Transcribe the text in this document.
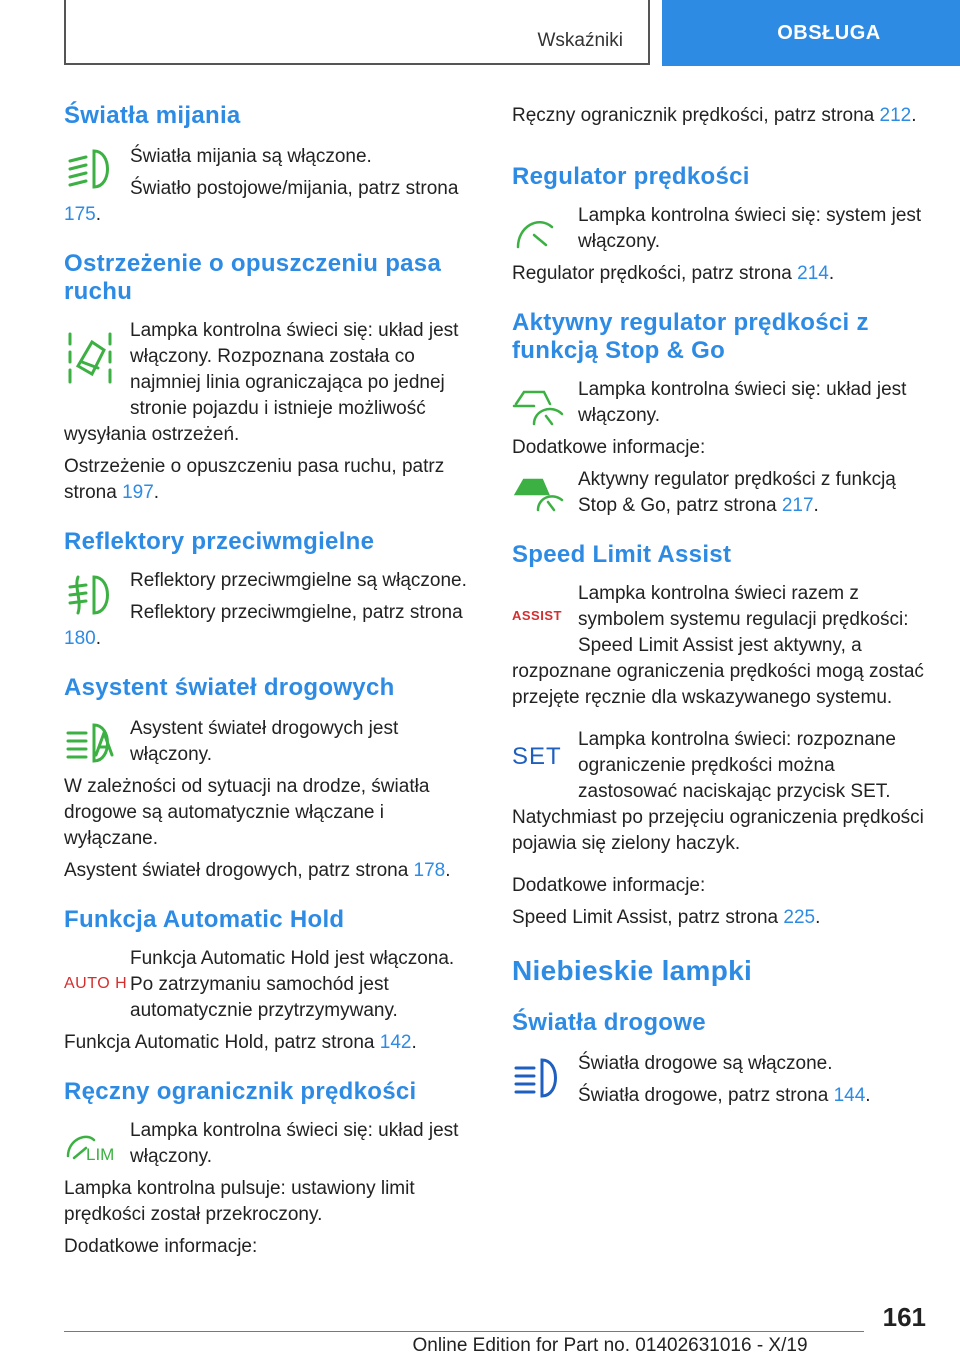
Wskaźniki	OBSŁUGA
Światła mijania

Światła mijania są włączone.

Światło postojowe/mijania, patrz strona 175.

Ostrzeżenie o opuszczeniu pasa ruchu

Lampka kontrolna świeci się: układ jest włączony. Rozpoznana została co najmniej linia ograniczająca po jednej stronie pojazdu i istnieje możliwość wysyłania ostrzeżeń.

Ostrzeżenie o opuszczeniu pasa ruchu, patrz strona 197.

Reflektory przeciwmgielne

Reflektory przeciwmgielne są włączone.

Reflektory przeciwmgielne, patrz strona 180.

Asystent świateł drogowych

Asystent świateł drogowych jest włączony.

W zależności od sytuacji na drodze, światła drogowe są automatycznie włączane i wyłączane.

Asystent świateł drogowych, patrz strona 178.

Funkcja Automatic Hold
AUTO H

Funkcja Automatic Hold jest włączona. Po zatrzymaniu samochód jest automatycznie przytrzymywany.

Funkcja Automatic Hold, patrz strona 142.

Ręczny ogranicznik prędkości
LIM

Lampka kontrolna świeci się: układ jest włączony.

Lampka kontrolna pulsuje: ustawiony limit prędkości został przekroczony.

Dodatkowe informacje:

Ręczny ogranicznik prędkości, patrz strona 212.

Regulator prędkości

Lampka kontrolna świeci się: system jest włączony.

Regulator prędkości, patrz strona 214.

Aktywny regulator prędkości z funkcją Stop & Go

Lampka kontrolna świeci się: układ jest włączony.

Dodatkowe informacje:

Aktywny regulator prędkości z funkcją Stop & Go, patrz strona 217.

Speed Limit Assist
ASSIST

Lampka kontrolna świeci razem z symbolem systemu regulacji prędkości: Speed Limit Assist jest aktywny, a rozpoznane ograniczenia prędkości mogą zostać przejęte ręcznie dla wskazywanego systemu.

SET

Lampka kontrolna świeci: rozpoznane ograniczenie prędkości można zastosować naciskając przycisk SET. Natychmiast po przejęciu ograniczenia prędkości pojawia się zielony haczyk.

Dodatkowe informacje:

Speed Limit Assist, patrz strona 225.

Niebieskie lampki
Światła drogowe

Światła drogowe są włączone.

Światła drogowe, patrz strona 144.

161
Online Edition for Part no. 01402631016 - X/19
